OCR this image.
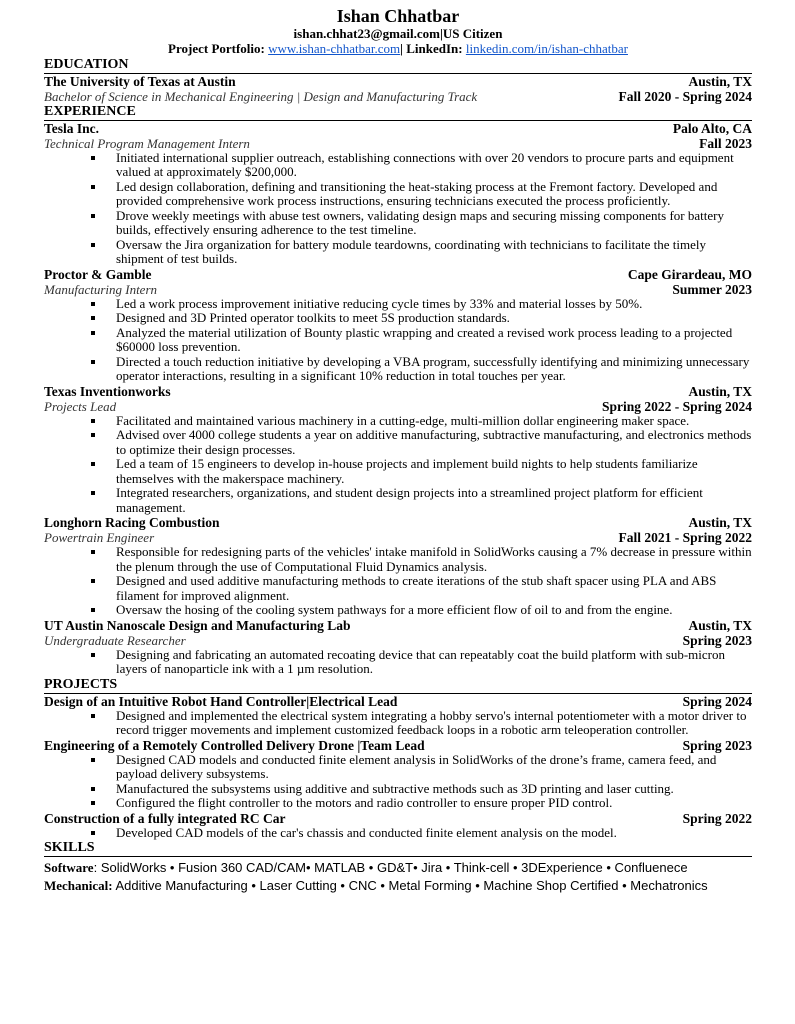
Ishan Chhatbar
ishan.chhat23@gmail.com|US Citizen
Project Portfolio: www.ishan-chhatbar.com| LinkedIn: linkedin.com/in/ishan-chhatbar
EDUCATION
The University of Texas at Austin	Austin, TX
Bachelor of Science in Mechanical Engineering | Design and Manufacturing Track	Fall 2020 - Spring 2024
EXPERIENCE
Tesla Inc.	Palo Alto, CA
Technical Program Management Intern	Fall 2023
Initiated international supplier outreach, establishing connections with over 20 vendors to procure parts and equipment valued at approximately $200,000.
Led design collaboration, defining and transitioning the heat-staking process at the Fremont factory. Developed and provided comprehensive work process instructions, ensuring technicians executed the process proficiently.
Drove weekly meetings with abuse test owners, validating design maps and securing missing components for battery builds, effectively ensuring adherence to the test timeline.
Oversaw the Jira organization for battery module teardowns, coordinating with technicians to facilitate the timely shipment of test builds.
Proctor & Gamble	Cape Girardeau, MO
Manufacturing Intern	Summer 2023
Led a work process improvement initiative reducing cycle times by 33% and material losses by 50%.
Designed and 3D Printed operator toolkits to meet 5S production standards.
Analyzed the material utilization of Bounty plastic wrapping and created a revised work process leading to a projected $60000 loss prevention.
Directed a touch reduction initiative by developing a VBA program, successfully identifying and minimizing unnecessary operator interactions, resulting in a significant 10% reduction in total touches per year.
Texas Inventionworks	Austin, TX
Projects Lead	Spring 2022 - Spring 2024
Facilitated and maintained various machinery in a cutting-edge, multi-million dollar engineering maker space.
Advised over 4000 college students a year on additive manufacturing, subtractive manufacturing, and electronics methods to optimize their design processes.
Led a team of 15 engineers to develop in-house projects and implement build nights to help students familiarize themselves with the makerspace machinery.
Integrated researchers, organizations, and student design projects into a streamlined project platform for efficient management.
Longhorn Racing Combustion	Austin, TX
Powertrain Engineer	Fall 2021 - Spring 2022
Responsible for redesigning parts of the vehicles' intake manifold in SolidWorks causing a 7% decrease in pressure within the plenum through the use of Computational Fluid Dynamics analysis.
Designed and used additive manufacturing methods to create iterations of the stub shaft spacer using PLA and ABS filament for improved alignment.
Oversaw the hosing of the cooling system pathways for a more efficient flow of oil to and from the engine.
UT Austin Nanoscale Design and Manufacturing Lab	Austin, TX
Undergraduate Researcher	Spring 2023
Designing and fabricating an automated recoating device that can repeatably coat the build platform with sub-micron layers of nanoparticle ink with a 1 µm resolution.
PROJECTS
Design of an Intuitive Robot Hand Controller|Electrical Lead	Spring 2024
Designed and implemented the electrical system integrating a hobby servo's internal potentiometer with a motor driver to record trigger movements and implement customized feedback loops in a robotic arm teleoperation controller.
Engineering of a Remotely Controlled Delivery Drone |Team Lead	Spring 2023
Designed CAD models and conducted finite element analysis in SolidWorks of the drone’s frame, camera feed, and payload delivery subsystems.
Manufactured the subsystems using additive and subtractive methods such as 3D printing and laser cutting.
Configured the flight controller to the motors and radio controller to ensure proper PID control.
Construction of a fully integrated RC Car	Spring 2022
Developed CAD models of the car's chassis and conducted finite element analysis on the model.
SKILLS
Software: SolidWorks • Fusion 360 CAD/CAM• MATLAB • GD&T• Jira • Think-cell • 3DExperience • Confluenece
Mechanical: Additive Manufacturing • Laser Cutting • CNC • Metal Forming • Machine Shop Certified • Mechatronics
